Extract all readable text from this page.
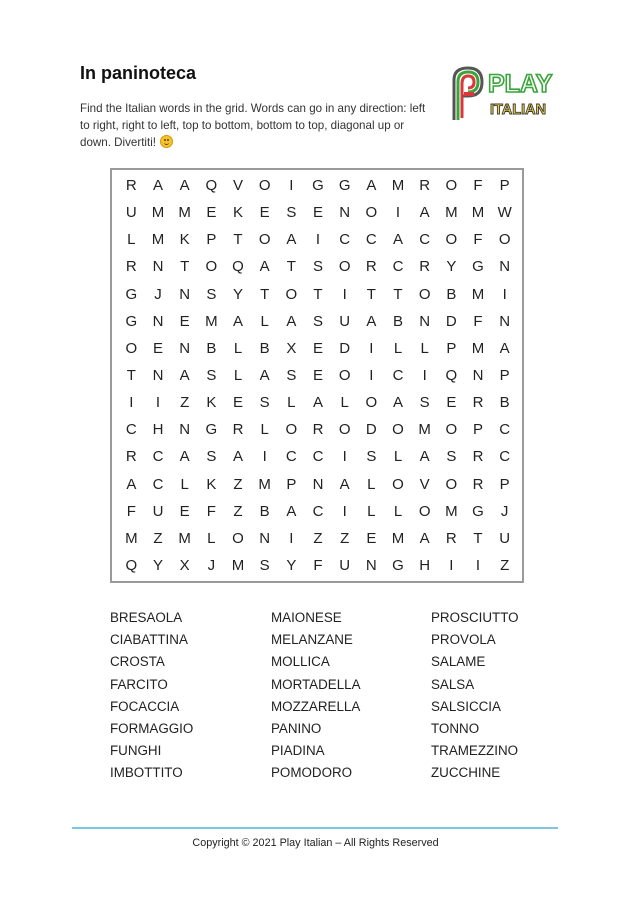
In paninoteca
Find the Italian words in the grid. Words can go in any direction: left to right, right to left, top to bottom, bottom to top, diagonal up or down. Divertiti!
PLAY
ITALIAN
R	A	A	Q	V	O	I	G G	A	M	R	O	F	P
U M M	E	K	E	S	E	N	O	I	A	M M W
L	M	K	P	T	O	A	I	C	C	A	C	O	F	O
R	N	T	O	Q	A	T	S	O	R	C	R	Y	G	N
G	J	N	S	Y	T	O	T	I	T	T	O	B	M	I
G	N	E	M	A	L	A	S	U	A	B	N	D	F	N
O	E	N	B	L	B	X	E	D	I	L	L	P	M	A
T	N	A	S	L	A	S	E	O	I	C	I	Q	N	P
I	I	Z	K	E	S	L	A	L	O	A	S	E	R	B
C	H	N	G	R	L	O	R	O	D	O M O	P	C
R	C	A	S	A	I	C	C	I	S	L	A	S	R	C
A	C	L	K	Z	M	P	N	A	L	O	V	O	R	P
F	U	E	F	Z	B	A	C	I	L	L	O M G	J
M	Z	M	L	O	N	I	Z	Z	E	M	A	R	T	U
Q	Y	X	J	M	S	Y	F	U	N	G	H	I	I	Z
BRESAOLA
CIABATTINA
CROSTA
FARCITO
FOCACCIA
FORMAGGIO
FUNGHI
IMBOTTITO
MAIONESE
MELANZANE
MOLLICA
MORTADELLA
MOZZARELLA
PANINO
PIADINA
POMODORO
PROSCIUTTO
PROVOLA
SALAME
SALSA
SALSICCIA
TONNO
TRAMEZZINO
ZUCCHINE
Copyright © 2021 Play Italian – All Rights Reserved
